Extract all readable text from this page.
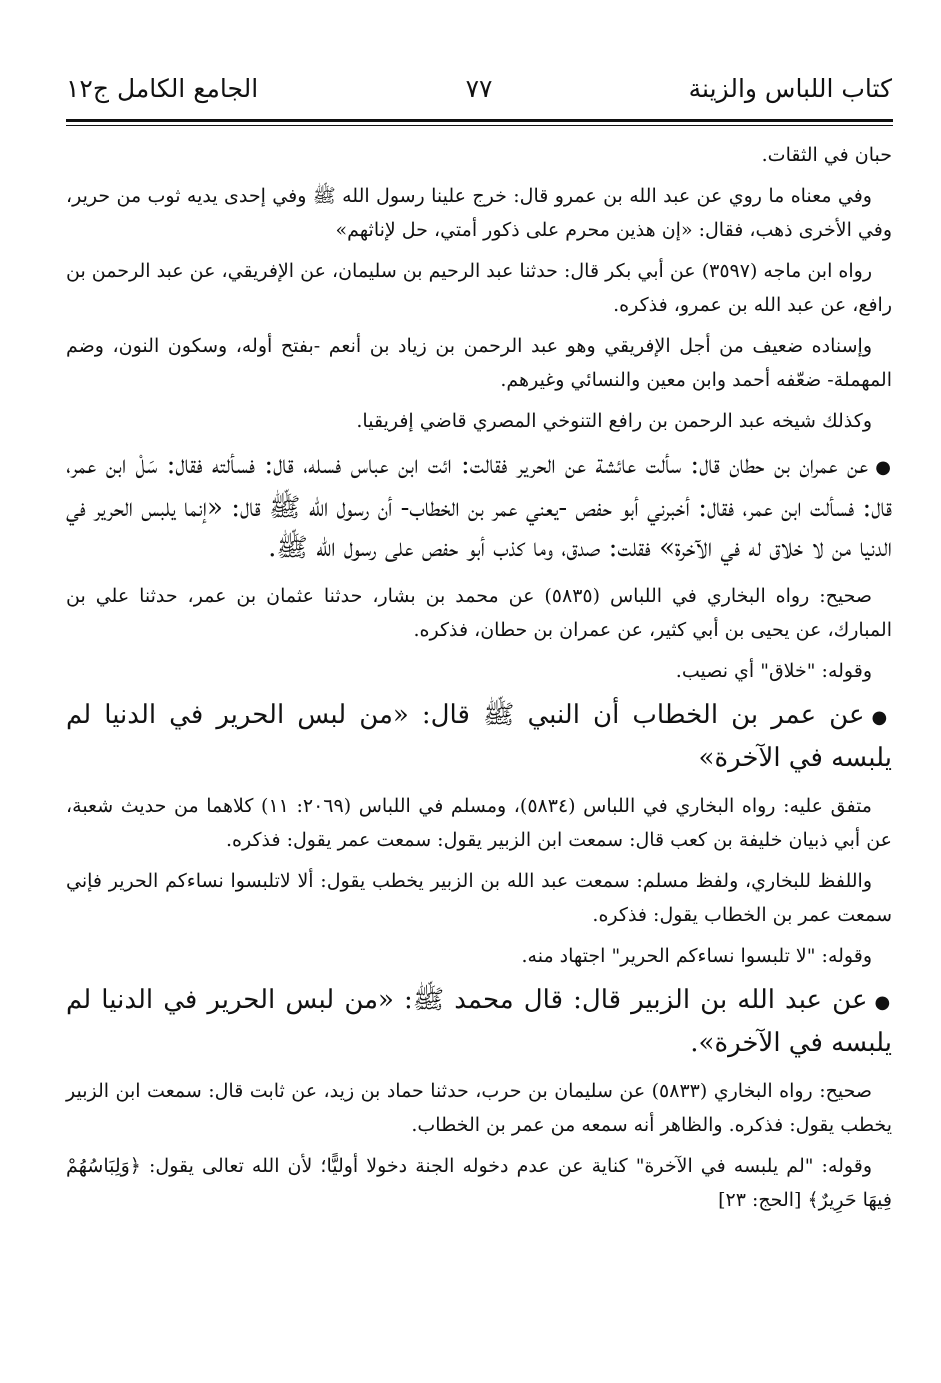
كتاب اللباس والزينة
٧٧
الجامع الكامل ج١٢

حبان في الثقات.

وفي معناه ما روي عن عبد الله بن عمرو قال: خرج علينا رسول الله ﷺ وفي إحدى يديه ثوب من حرير، وفي الأخرى ذهب، فقال: «إن هذين محرم على ذكور أمتي، حل لإناثهم»

رواه ابن ماجه (٣٥٩٧) عن أبي بكر قال: حدثنا عبد الرحيم بن سليمان، عن الإفريقي، عن عبد الرحمن بن رافع، عن عبد الله بن عمرو، فذكره.

وإسناده ضعيف من أجل الإفريقي وهو عبد الرحمن بن زياد بن أنعم -بفتح أوله، وسكون النون، وضم المهملة- ضعّفه أحمد وابن معين والنسائي وغيرهم.

وكذلك شيخه عبد الرحمن بن رافع التنوخي المصري قاضي إفريقيا.

●عن عمران بن حطان قال: سألت عائشة عن الحرير فقالت: ائت ابن عباس فسله، قال: فسألته فقال: سَلْ ابن عمر، قال: فسألت ابن عمر، فقال: أخبرني أبو حفص -يعني عمر بن الخطاب- أن رسول الله ﷺ قال: «إنما يلبس الحرير في الدنيا من لا خلاق له في الآخرة» فقلت: صدق، وما كذب أبو حفص على رسول الله ﷺ.

صحيح: رواه البخاري في اللباس (٥٨٣٥) عن محمد بن بشار، حدثنا عثمان بن عمر، حدثنا علي بن المبارك، عن يحيى بن أبي كثير، عن عمران بن حطان، فذكره.

وقوله: "خلاق" أي نصيب.

●عن عمر بن الخطاب أن النبي ﷺ قال: «من لبس الحرير في الدنيا لم يلبسه في الآخرة»

متفق عليه: رواه البخاري في اللباس (٥٨٣٤)، ومسلم في اللباس (٢٠٦٩: ١١) كلاهما من حديث شعبة، عن أبي ذبيان خليفة بن كعب قال: سمعت ابن الزبير يقول: سمعت عمر يقول: فذكره.

واللفظ للبخاري، ولفظ مسلم: سمعت عبد الله بن الزبير يخطب يقول: ألا لاتلبسوا نساءكم الحرير فإني سمعت عمر بن الخطاب يقول: فذكره.

وقوله: "لا تلبسوا نساءكم الحرير" اجتهاد منه.

●عن عبد الله بن الزبير قال: قال محمد ﷺ: «من لبس الحرير في الدنيا لم يلبسه في الآخرة».

صحيح: رواه البخاري (٥٨٣٣) عن سليمان بن حرب، حدثنا حماد بن زيد، عن ثابت قال: سمعت ابن الزبير يخطب يقول: فذكره. والظاهر أنه سمعه من عمر بن الخطاب.

وقوله: "لم يلبسه في الآخرة" كناية عن عدم دخوله الجنة دخولا أوليًّا؛ لأن الله تعالى يقول: ﴿وَلِبَاسُهُمْ فِيهَا حَرِيرٌ﴾ [الحج: ٢٣]
